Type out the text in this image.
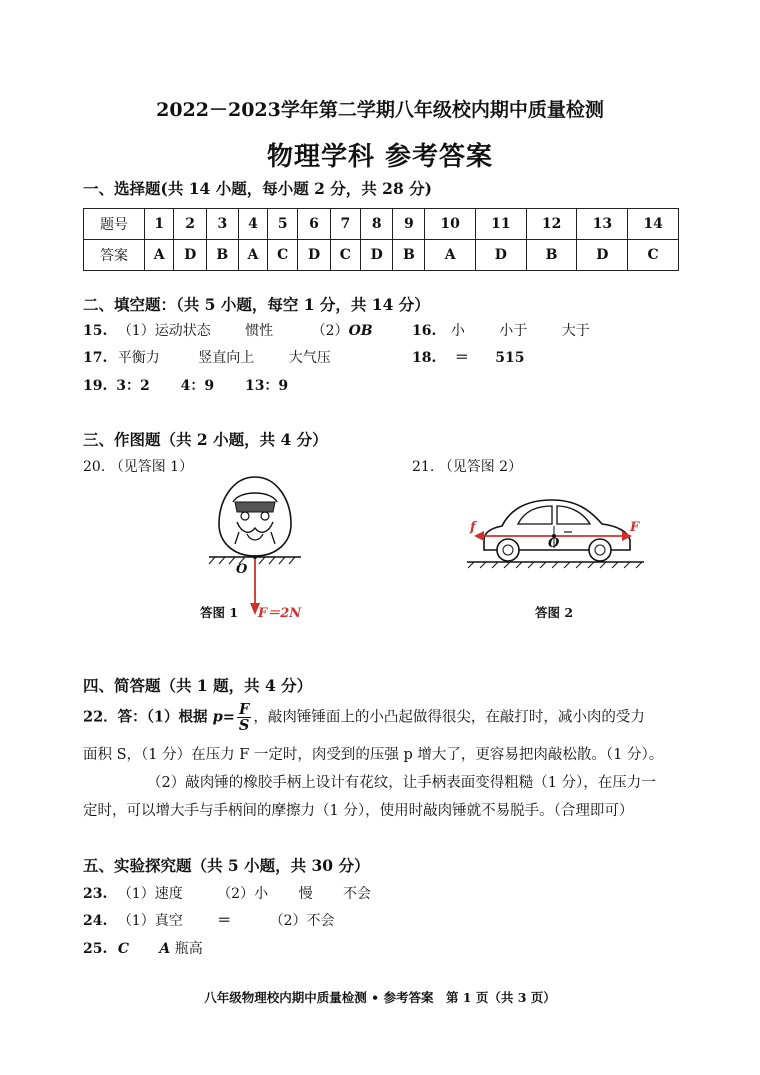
2022－2023学年第二学期八年级校内期中质量检测
物理学科 参考答案
一、选择题(共 14 小题，每小题 2 分，共 28 分)
题号	1	2	3	4	5	6	7	8	9	10	11	12	13	14
答案	A	D	B	A	C	D	C	D	B	A	D	B	D	C
二、填空题：（共 5 小题，每空 1 分，共 14 分）
15. （1）运动状态 惯性	（2）OB	16. 小 小于 大于
17. 平衡力	竖直向上 大气压	18. ＝ 515
19. 3：2 4：9 13：9
三、作图题（共 2 小题，共 4 分）
20. （见答图 1）	21. （见答图 2）
O
F＝2N
答图 1
f	F
O
答图 2
四、简答题（共 1 题，共 4 分）
22．答：（1）根据 $p= \frac{F}{S}$ ，敲肉锤锤面上的小凸起做得很尖，在敲打时，减小肉的受力
面积 S，（1 分）在压力 F 一定时，肉受到的压强 p 增大了，更容易把肉敲松散。（1 分）。
（2）敲肉锤的橡胶手柄上设计有花纹，让手柄表面变得粗糙（1 分），在压力一
定时，可以增大手与手柄间的摩擦力（1 分），使用时敲肉锤就不易脱手。（合理即可）
五、实验探究题（共 5 小题，共 30 分）
23. （1）速度 （2）小 慢 不会
24. （1）真空 ＝	（2）不会
25. C A 瓶高
八年级物理校内期中质量检测 • 参考答案　第 1 页（共 3 页）
